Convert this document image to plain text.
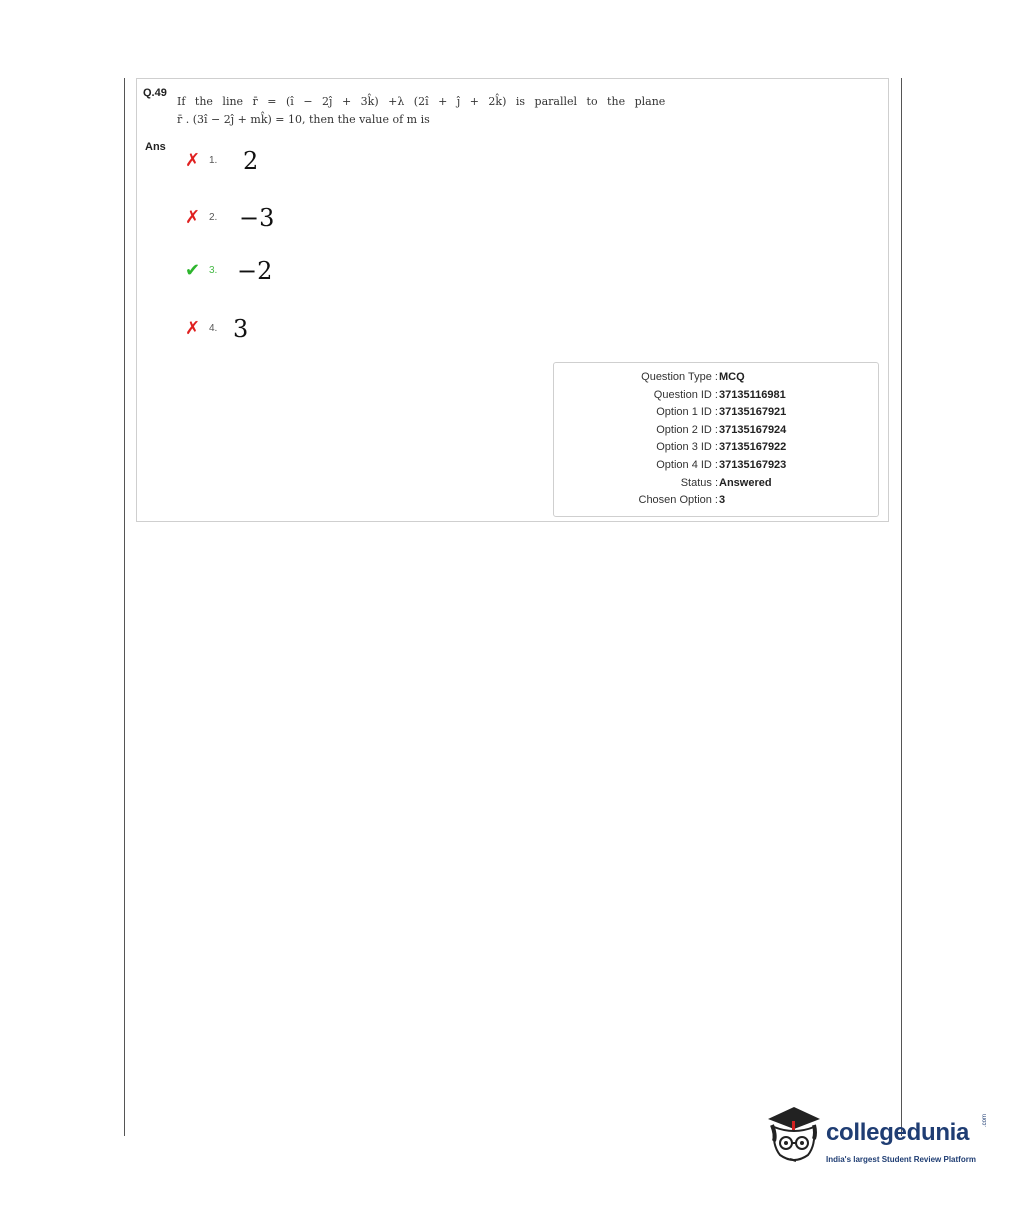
Q.49
If the line r̄ = (î − 2ĵ + 3k̂) +λ (2î + ĵ + 2k̂) is parallel to the plane
r̄ . (3î − 2ĵ + mk̂) = 10, then the value of m is
Ans
✗ 1. 2
✗ 2. −3
✔ 3. −2
✗ 4. 3
Question Type : MCQ
Question ID : 37135116981
Option 1 ID : 37135167921
Option 2 ID : 37135167924
Option 3 ID : 37135167922
Option 4 ID : 37135167923
Status : Answered
Chosen Option : 3
collegedunia .com
India's largest Student Review Platform
